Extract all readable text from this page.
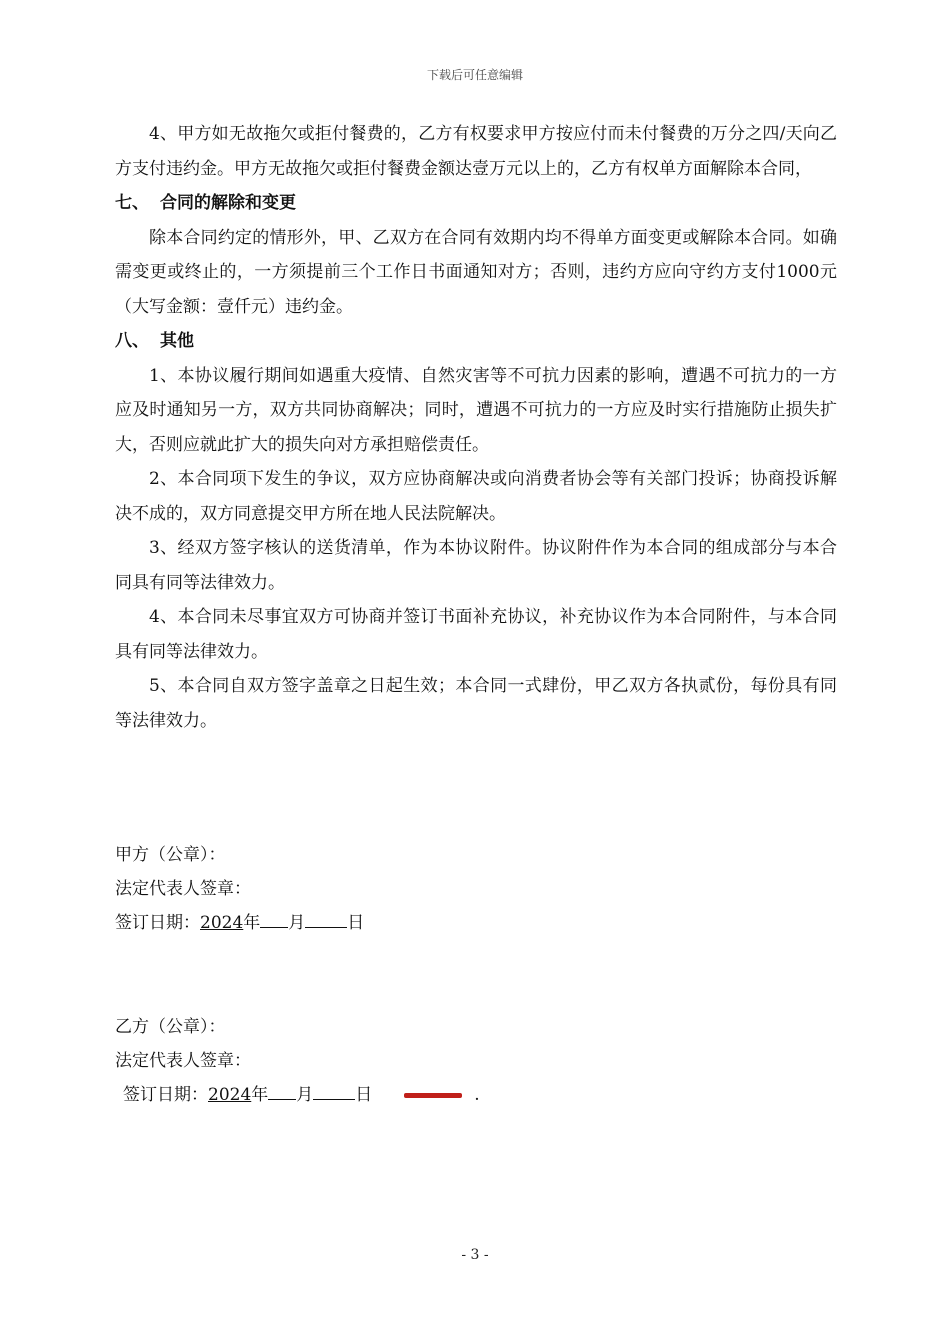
下载后可任意编辑

4、甲方如无故拖欠或拒付餐费的，乙方有权要求甲方按应付而未付餐费的万分之四/天向乙方支付违约金。甲方无故拖欠或拒付餐费金额达壹万元以上的，乙方有权单方面解除本合同，

七、 合同的解除和变更

除本合同约定的情形外，甲、乙双方在合同有效期内均不得单方面变更或解除本合同。如确需变更或终止的，一方须提前三个工作日书面通知对方；否则，违约方应向守约方支付1000元（大写金额：壹仟元）违约金。

八、 其他

1、本协议履行期间如遇重大疫情、自然灾害等不可抗力因素的影响，遭遇不可抗力的一方应及时通知另一方，双方共同协商解决；同时，遭遇不可抗力的一方应及时实行措施防止损失扩大，否则应就此扩大的损失向对方承担赔偿责任。

2、本合同项下发生的争议，双方应协商解决或向消费者协会等有关部门投诉；协商投诉解决不成的，双方同意提交甲方所在地人民法院解决。

3、经双方签字核认的送货清单，作为本协议附件。协议附件作为本合同的组成部分与本合同具有同等法律效力。

4、本合同未尽事宜双方可协商并签订书面补充协议，补充协议作为本合同附件，与本合同具有同等法律效力。

5、本合同自双方签字盖章之日起生效；本合同一式肆份，甲乙双方各执贰份，每份具有同等法律效力。

甲方（公章）：
法定代表人签章：
签订日期：2024年 月 日
乙方（公章）：
法定代表人签章：
签订日期：2024年 月 日	.
- 3 -
